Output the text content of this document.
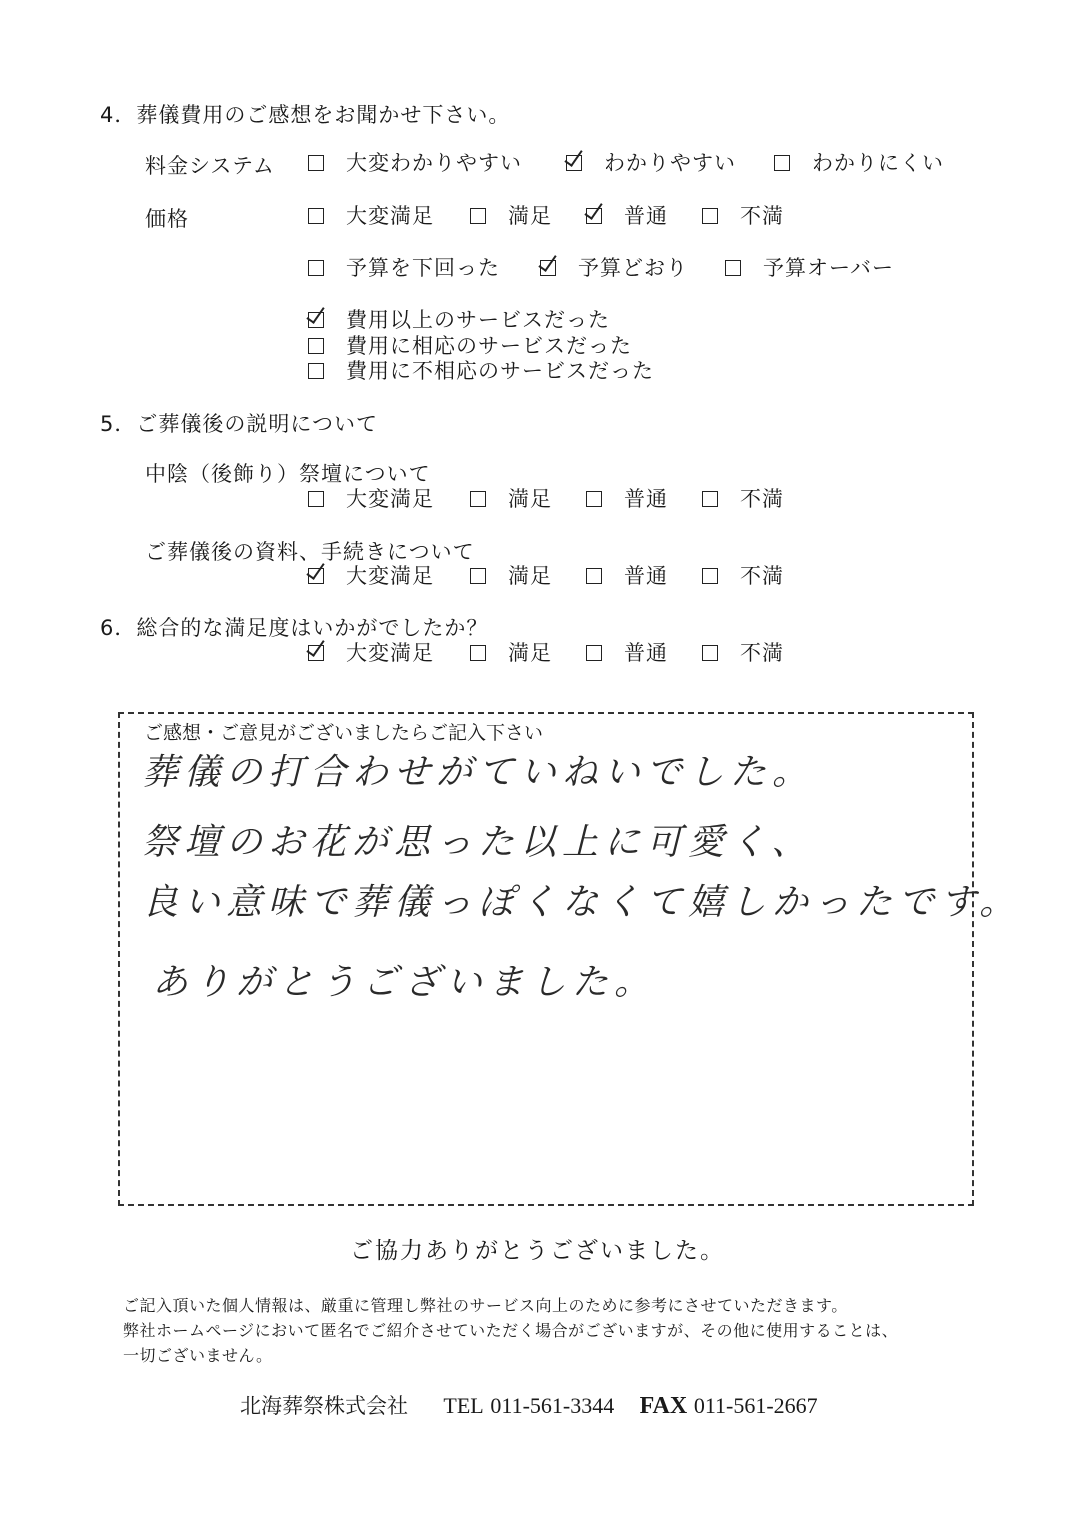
4．葬儀費用のご感想をお聞かせ下さい。
料金システム	大変わかりやすい	わかりやすい	わかりにくい
価格	大変満足	満足	普通	不満
予算を下回った	予算どおり	予算オーバー
費用以上のサービスだった
費用に相応のサービスだった
費用に不相応のサービスだった
5．ご葬儀後の説明について
中陰（後飾り）祭壇について
大変満足	満足	普通	不満
ご葬儀後の資料、手続きについて
大変満足	満足	普通	不満
6．総合的な満足度はいかがでしたか？
大変満足	満足	普通	不満
ご感想・ご意見がございましたらご記入下さい
葬儀の打合わせがていねいでした。
祭壇のお花が思った以上に可愛く、
良い意味で葬儀っぽくなくて嬉しかったです。
ありがとうございました。
ご協力ありがとうございました。
ご記入頂いた個人情報は、厳重に管理し弊社のサービス向上のために参考にさせていただきます。
弊社ホームページにおいて匿名でご紹介させていただく場合がございますが、その他に使用することは、
一切ございません。
北海葬祭株式会社 TEL 011-561-3344 FAX 011-561-2667
